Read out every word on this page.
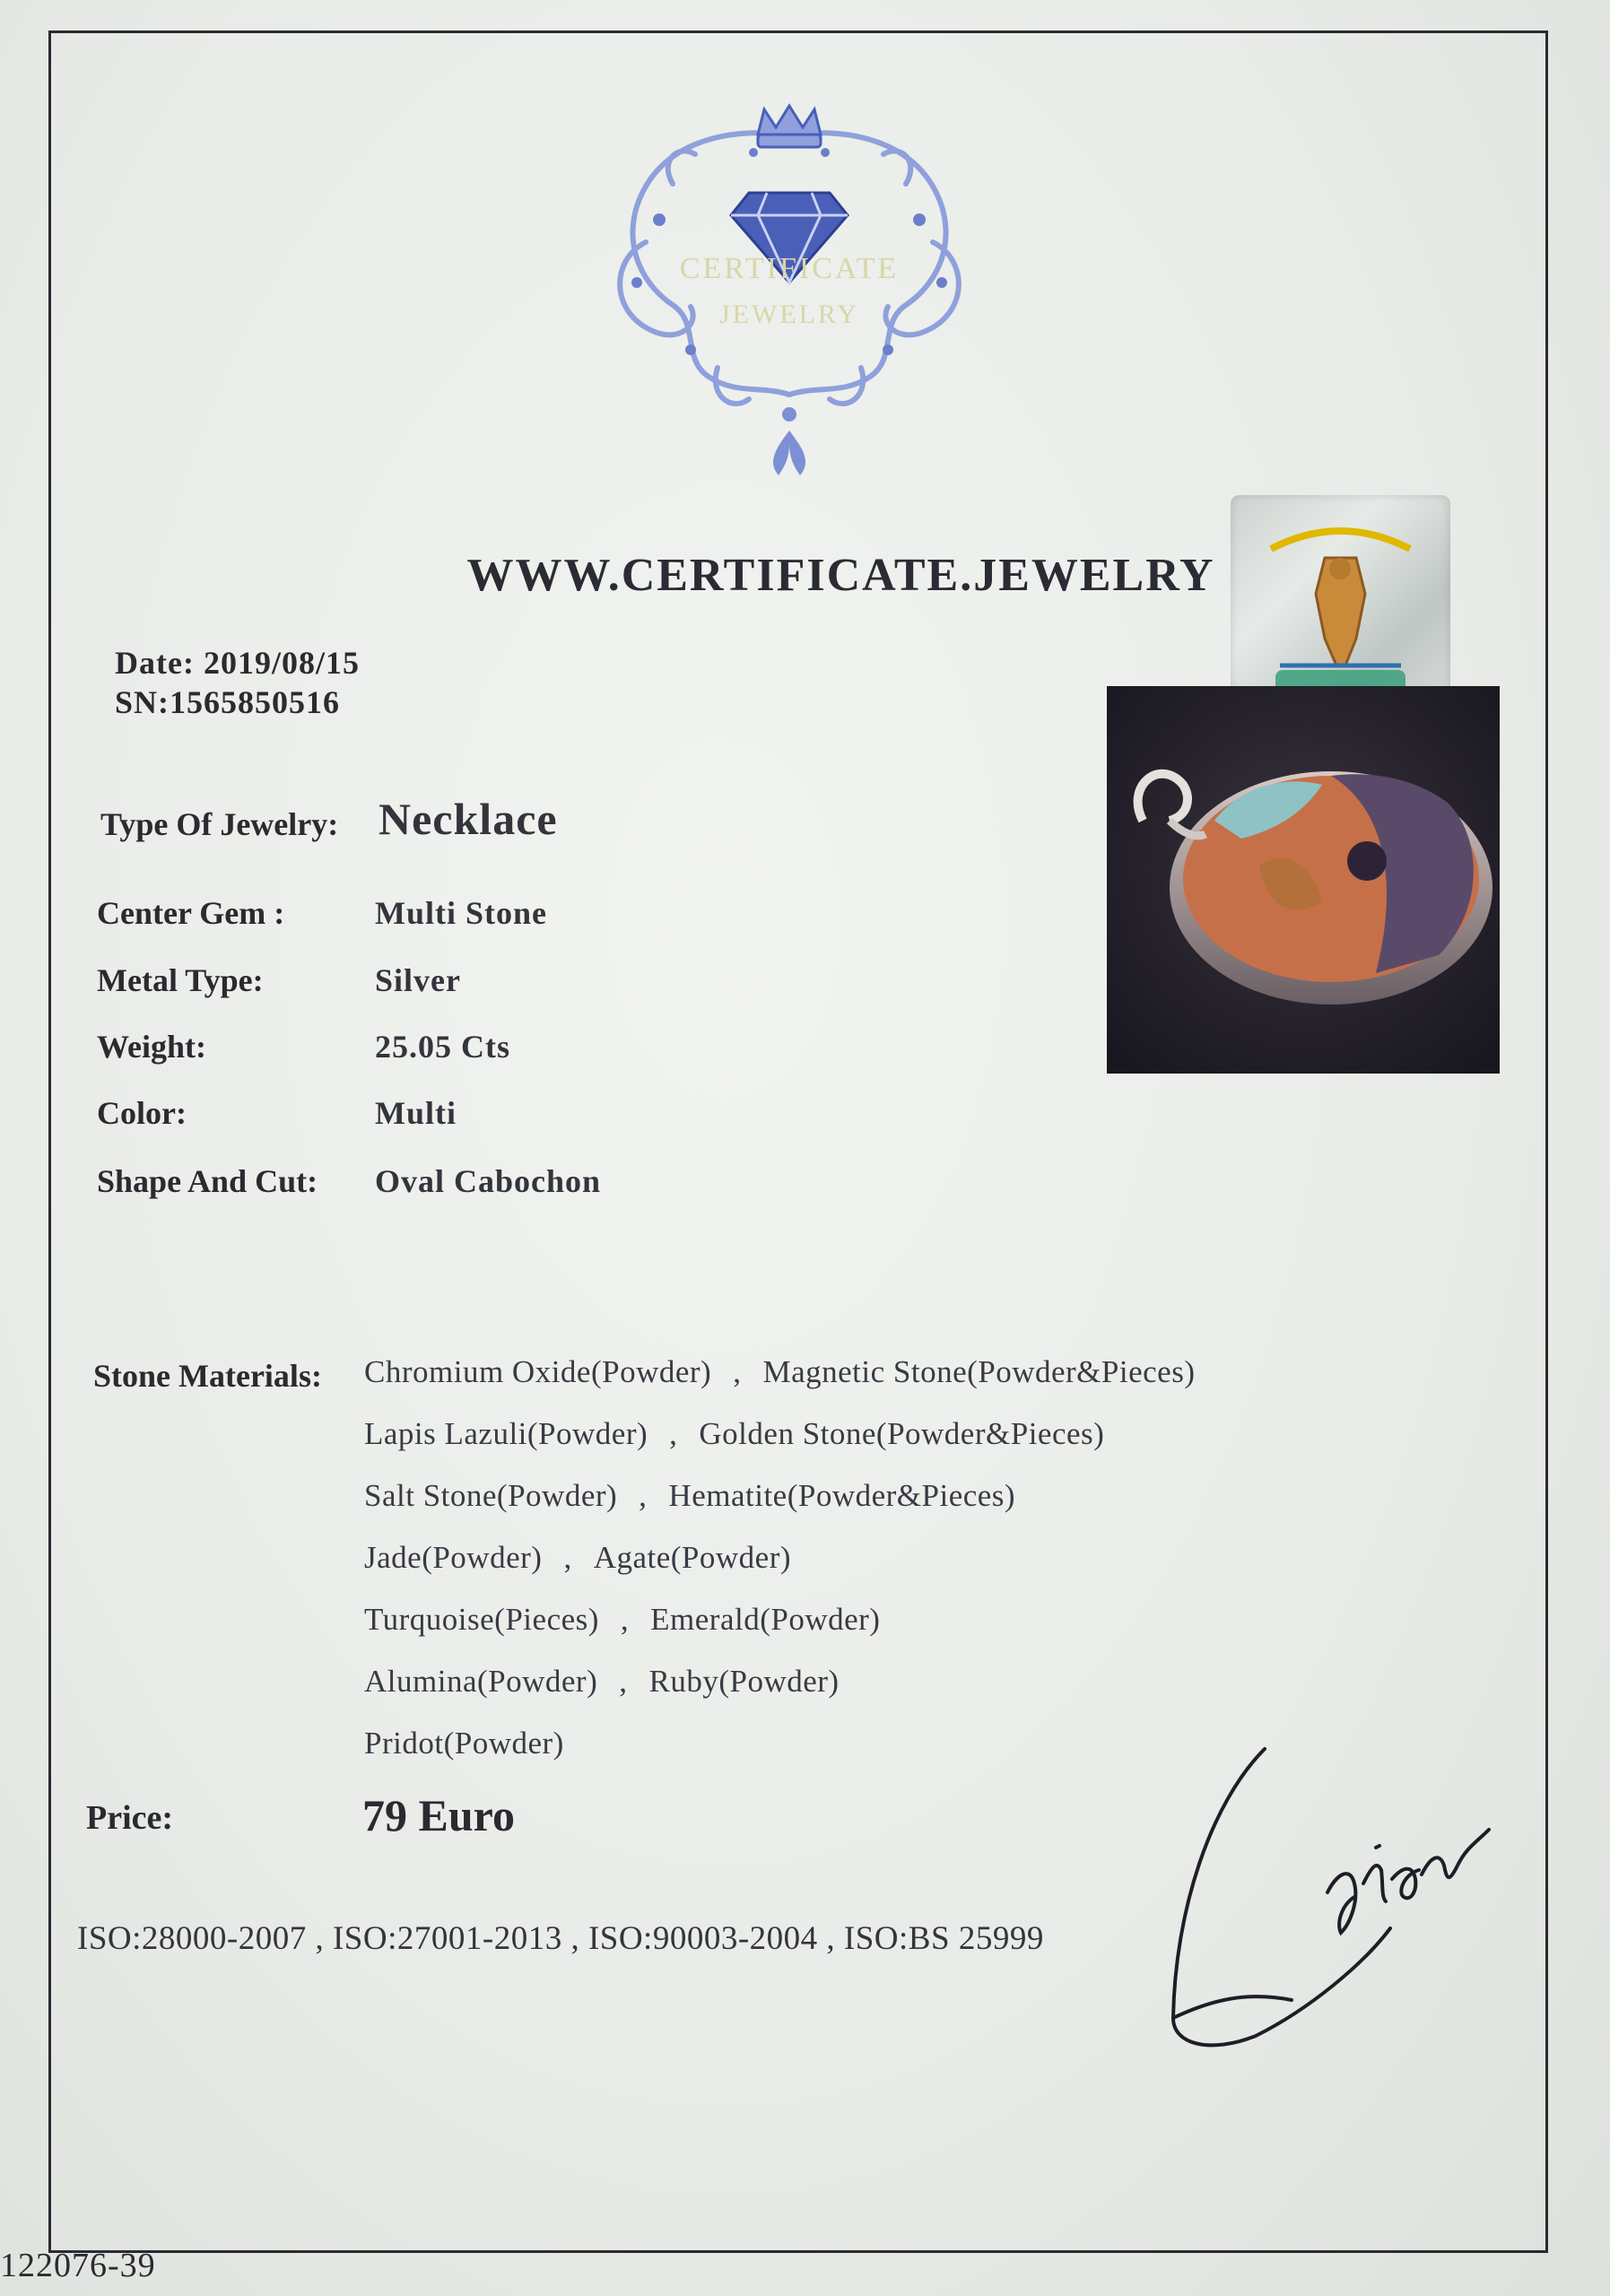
CERTIFICATE
JEWELRY
WWW.CERTIFICATE.JEWELRY
Date: 2019/08/15
SN:1565850516
Type Of Jewelry: Necklace
Center Gem :	Multi Stone
Metal Type:	Silver
Weight:	25.05 Cts
Color:	Multi
Shape And Cut: Oval Cabochon
Stone Materials: Chromium Oxide(Powder) , Magnetic Stone(Powder&Pieces)
Lapis Lazuli(Powder) , Golden Stone(Powder&Pieces)
Salt Stone(Powder) , Hematite(Powder&Pieces)
Jade(Powder) , Agate(Powder)
Turquoise(Pieces) , Emerald(Powder)
Alumina(Powder) , Ruby(Powder)
Pridot(Powder)
Price:	79 Euro
ISO:28000-2007 , ISO:27001-2013 , ISO:90003-2004 , ISO:BS 25999
122076-39
